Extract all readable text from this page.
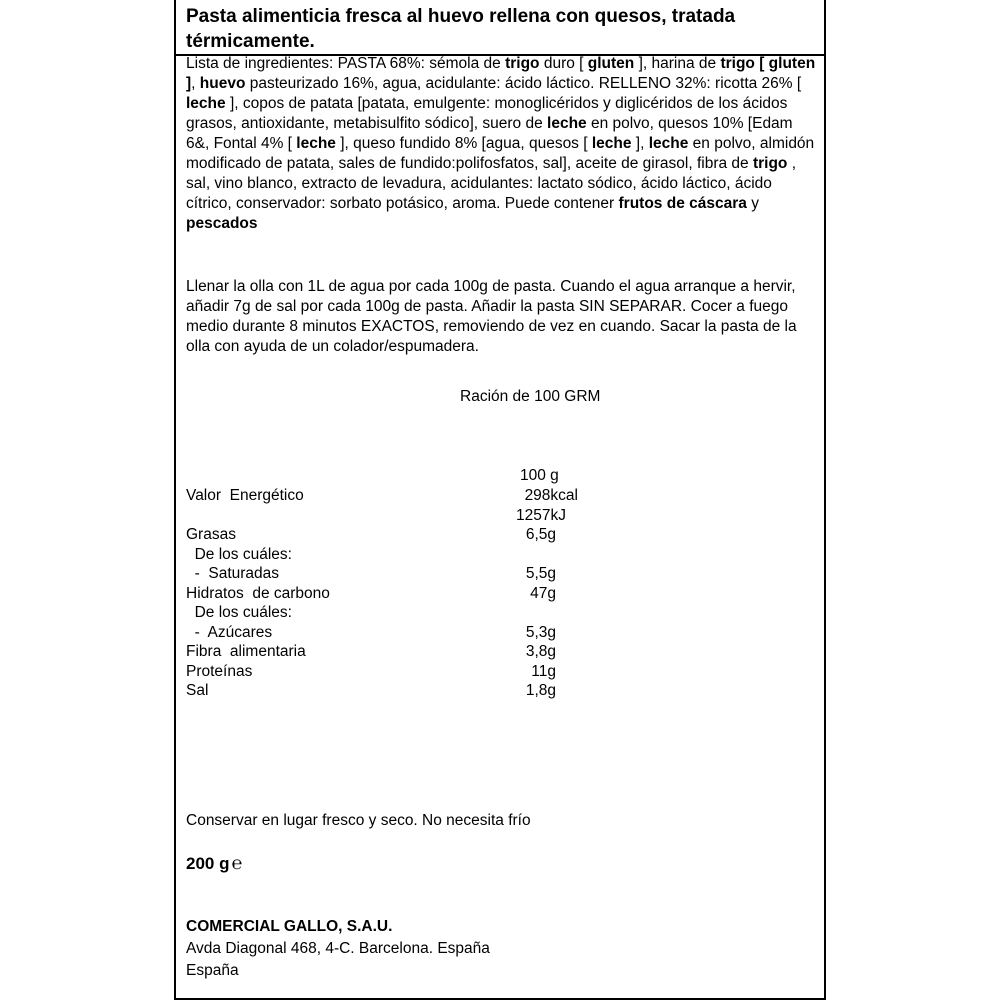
Pasta alimenticia fresca al huevo rellena con quesos, tratada térmicamente.
Lista de ingredientes: PASTA 68%: sémola de trigo duro [ gluten ], harina de trigo [ gluten ], huevo pasteurizado 16%, agua, acidulante: ácido láctico. RELLENO 32%: ricotta 26% [ leche ], copos de patata [patata, emulgente: monoglicéridos y diglicéridos de los ácidos grasos, antioxidante, metabisulfito sódico], suero de leche en polvo, quesos 10% [Edam 6&, Fontal 4% [ leche ], queso fundido 8% [agua, quesos [ leche ], leche en polvo, almidón modificado de patata, sales de fundido:polifosfatos, sal], aceite de girasol, fibra de trigo , sal, vino blanco, extracto de levadura, acidulantes: lactato sódico, ácido láctico, ácido cítrico, conservador: sorbato potásico, aroma. Puede contener frutos de cáscara y pescados
Llenar la olla con 1L de agua por cada 100g de pasta. Cuando el agua arranque a hervir, añadir 7g de sal por cada 100g de pasta. Añadir la pasta SIN SEPARAR. Cocer a fuego medio durante 8 minutos EXACTOS, removiendo de vez en cuando. Sacar la pasta de la olla con ayuda de un colador/espumadera.
Ración de 100 GRM
100 g
Valor  Energético	298kcal
1257kJ
Grasas	6,5g
De los cuáles:
-  Saturadas	5,5g
Hidratos  de carbono	47g
De los cuáles:
-  Azúcares	5,3g
Fibra  alimentaria	3,8g
Proteínas	11g
Sal	1,8g
Conservar en lugar fresco y seco. No necesita frío
200 g ℮
COMERCIAL GALLO, S.A.U.
Avda Diagonal 468, 4-C. Barcelona. España
España
